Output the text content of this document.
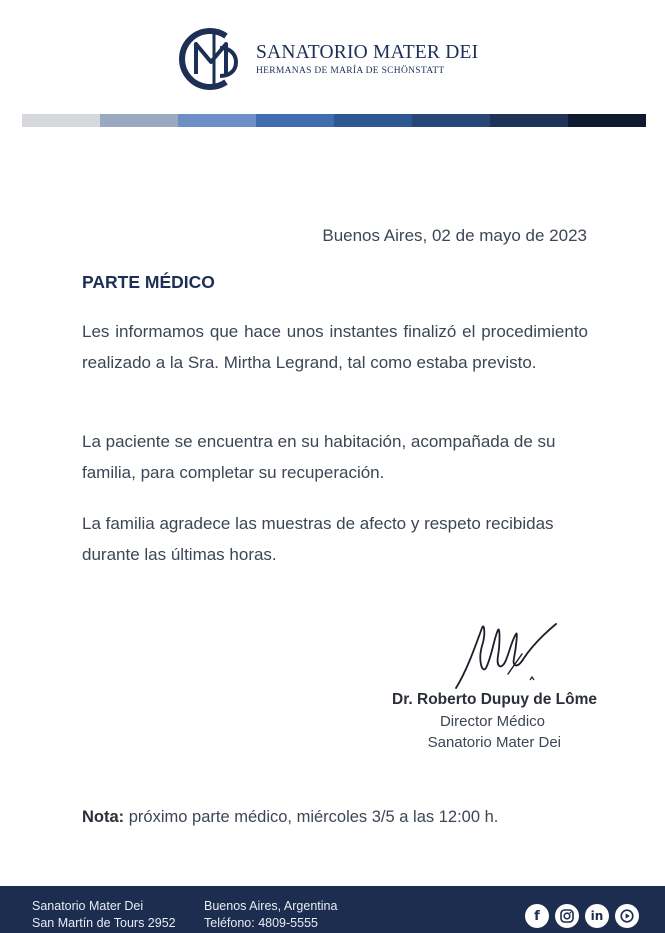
SANATORIO MATER DEI
HERMANAS DE MARÍA DE SCHÖNSTATT
Buenos Aires, 02 de mayo de 2023
PARTE MÉDICO

Les informamos que hace unos instantes finalizó el procedimiento realizado a la Sra. Mirtha Legrand, tal como estaba previsto.

La paciente se encuentra en su habitación, acompañada de su familia, para completar su recuperación.

La familia agradece las muestras de afecto y respeto recibidas durante las últimas horas.

Dr. Roberto Dupuy de Lôme
Director Médico
Sanatorio Mater Dei
Nota: próximo parte médico, miércoles 3/5 a las 12:00 h.
Sanatorio Mater Dei
San Martín de Tours 2952
Buenos Aires, Argentina
Teléfono: 4809-5555	f	in
